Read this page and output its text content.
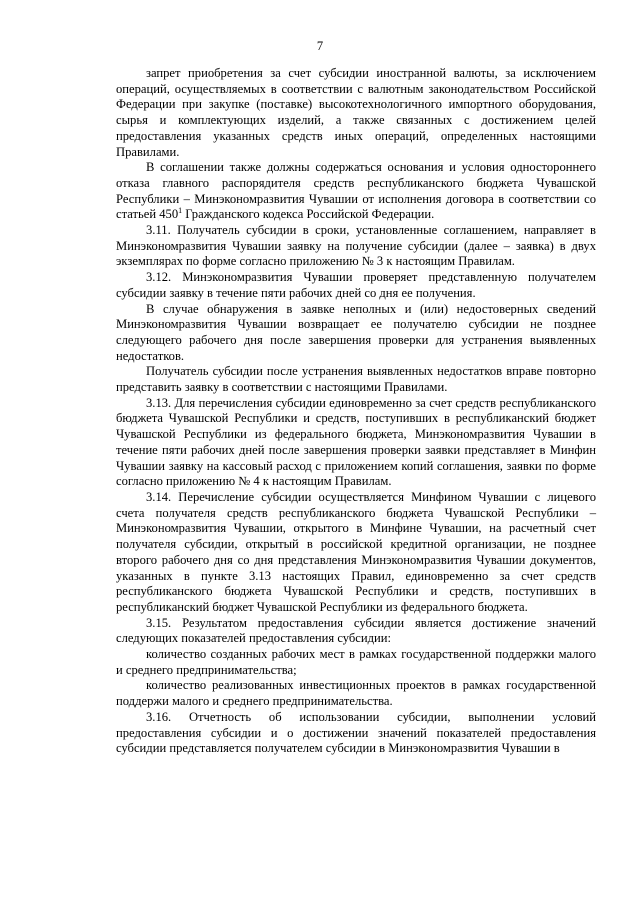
7

запрет приобретения за счет субсидии иностранной валюты, за исключением операций, осуществляемых в соответствии с валютным законодательством Российской Федерации при закупке (поставке) высокотехнологичного импортного оборудования, сырья и комплектующих изделий, а также связанных с достижением целей предоставления указанных средств иных операций, определенных настоящими Правилами.

В соглашении также должны содержаться основания и условия одностороннего отказа главного распорядителя средств республиканского бюджета Чувашской Республики – Минэкономразвития Чувашии от исполнения договора в соответствии со статьей $450^1$ Гражданского кодекса Российской Федерации.

3.11. Получатель субсидии в сроки, установленные соглашением, направляет в Минэкономразвития Чувашии заявку на получение субсидии (далее – заявка) в двух экземплярах по форме согласно приложению № 3 к настоящим Правилам.

3.12. Минэкономразвития Чувашии проверяет представленную получателем субсидии заявку в течение пяти рабочих дней со дня ее получения.

В случае обнаружения в заявке неполных и (или) недостоверных сведений Минэкономразвития Чувашии возвращает ее получателю субсидии не позднее следующего рабочего дня после завершения проверки для устранения выявленных недостатков.

Получатель субсидии после устранения выявленных недостатков вправе повторно представить заявку в соответствии с настоящими Правилами.

3.13. Для перечисления субсидии единовременно за счет средств республиканского бюджета Чувашской Республики и средств, поступивших в республиканский бюджет Чувашской Республики из федерального бюджета, Минэкономразвития Чувашии в течение пяти рабочих дней после завершения проверки заявки представляет в Минфин Чувашии заявку на кассовый расход с приложением копий соглашения, заявки по форме согласно приложению № 4 к настоящим Правилам.

3.14. Перечисление субсидии осуществляется Минфином Чувашии с лицевого счета получателя средств республиканского бюджета Чувашской Республики – Минэкономразвития Чувашии, открытого в Минфине Чувашии, на расчетный счет получателя субсидии, открытый в российской кредитной организации, не позднее второго рабочего дня со дня представления Минэкономразвития Чувашии документов, указанных в пункте 3.13 настоящих Правил, единовременно за счет средств республиканского бюджета Чувашской Республики и средств, поступивших в республиканский бюджет Чувашской Республики из федерального бюджета.

3.15. Результатом предоставления субсидии является достижение значений следующих показателей предоставления субсидии:

количество созданных рабочих мест в рамках государственной поддержки малого и среднего предпринимательства;

количество реализованных инвестиционных проектов в рамках государственной поддержи малого и среднего предпринимательства.

3.16. Отчетность об использовании субсидии, выполнении условий предоставления субсидии и о достижении значений показателей предоставления субсидии представляется получателем субсидии в Минэкономразвития Чувашии в
